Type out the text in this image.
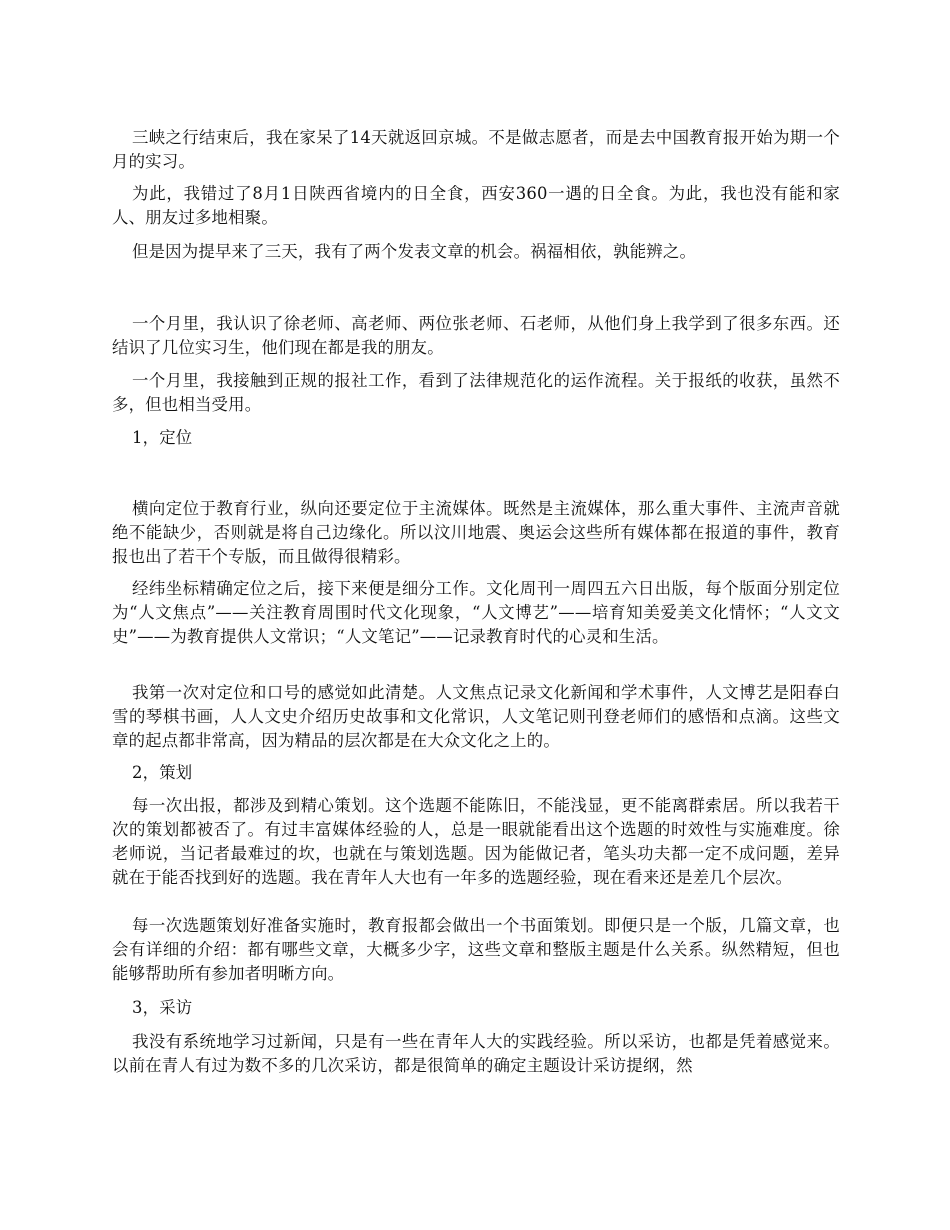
三峡之行结束后，我在家呆了14天就返回京城。不是做志愿者，而是去中国教育报开始为期一个月的实习。

为此，我错过了8月1日陕西省境内的日全食，西安360一遇的日全食。为此，我也没有能和家人、朋友过多地相聚。

但是因为提早来了三天，我有了两个发表文章的机会。祸福相依，孰能辨之。

一个月里，我认识了徐老师、高老师、两位张老师、石老师，从他们身上我学到了很多东西。还结识了几位实习生，他们现在都是我的朋友。

一个月里，我接触到正规的报社工作，看到了法律规范化的运作流程。关于报纸的收获，虽然不多，但也相当受用。

1，定位

横向定位于教育行业，纵向还要定位于主流媒体。既然是主流媒体，那么重大事件、主流声音就绝不能缺少，否则就是将自己边缘化。所以汶川地震、奥运会这些所有媒体都在报道的事件，教育报也出了若干个专版，而且做得很精彩。

经纬坐标精确定位之后，接下来便是细分工作。文化周刊一周四五六日出版，每个版面分别定位为“人文焦点”——关注教育周围时代文化现象，“人文博艺”——培育知美爱美文化情怀；“人文文史”——为教育提供人文常识；“人文笔记”——记录教育时代的心灵和生活。

我第一次对定位和口号的感觉如此清楚。人文焦点记录文化新闻和学术事件，人文博艺是阳春白雪的琴棋书画，人人文史介绍历史故事和文化常识，人文笔记则刊登老师们的感悟和点滴。这些文章的起点都非常高，因为精品的层次都是在大众文化之上的。

2，策划

每一次出报，都涉及到精心策划。这个选题不能陈旧，不能浅显，更不能离群索居。所以我若干次的策划都被否了。有过丰富媒体经验的人，总是一眼就能看出这个选题的时效性与实施难度。徐老师说，当记者最难过的坎，也就在与策划选题。因为能做记者，笔头功夫都一定不成问题，差异就在于能否找到好的选题。我在青年人大也有一年多的选题经验，现在看来还是差几个层次。

每一次选题策划好准备实施时，教育报都会做出一个书面策划。即便只是一个版，几篇文章，也会有详细的介绍：都有哪些文章，大概多少字，这些文章和整版主题是什么关系。纵然精短，但也能够帮助所有参加者明晰方向。

3，采访

我没有系统地学习过新闻，只是有一些在青年人大的实践经验。所以采访，也都是凭着感觉来。以前在青人有过为数不多的几次采访，都是很简单的确定主题设计采访提纲，然
